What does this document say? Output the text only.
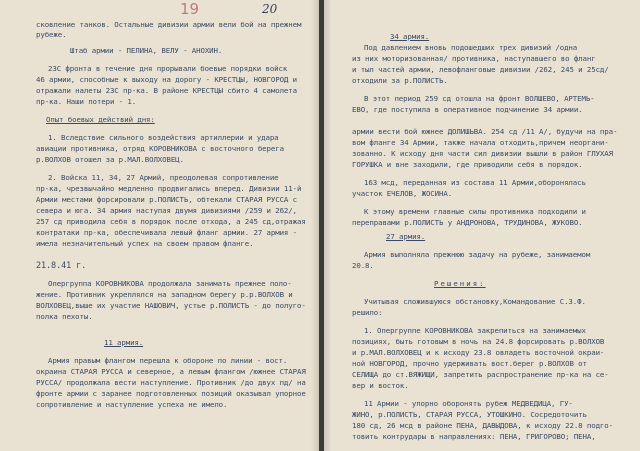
19	20
сковление танков. Остальные дивизии армии вели бой на прежнем
рубеже.
Штаб армии - ПЕЛИНА, ВЕЛУ - АНОХИН.
23С фронта в течение дня прорывали боевые порядки войск
46 армии, способные к выходу на дорогу - КРЕСТЦЫ, НОВГОРОД и
отражали налеты 23С пр-ка. В районе КРЕСТЦЫ сбито 4 самолета
пр-ка. Наши потери - 1.
Опыт боевых действий дня:
1. Вследствие сильного воздействия артиллерии и удара
авиации противника, отряд КОРОВНИКОВА с восточного берега
р.ВОЛХОВ отошел за р.МАЛ.ВОЛХОВЕЦ.
2. Войска 11, 34, 27 Армий, преодолевая сопротивление
пр-ка, чрезвычайно медленно продвигались вперед. Дивизии 11-й
Армии местами форсировали р.ПОЛИСТЬ, обтекали СТАРАЯ РУССА с
севера и юга. 34 армия наступая двумя дивизиями /259 и 262/,
257 сд приводила себя в порядок после отхода, а 245 сд,отражая
контратаки пр-ка, обеспечивала левый фланг армии. 27 армия -
имела незначительный успех на своем правом фланге.
21.8.41 г.
Опергруппа КОРОВНИКОВА продолжала занимать прежнее поло-
жение. Противник укреплялся на западном берегу р.р.ВОЛХОВ и
ВОЛХОВЕЦ,выше их участие НАШОВИЧ, устье р.ПОЛИСТЬ - до полуго-
полка пехоты.
11 армия.
Армия правым флангом перешла к обороне по линии - вост.
окраина СТАРАЯ РУССА и северное, а левым флангом /южнее СТАРАЯ
РУССА/ продолжала вести наступление. Противник /до двух пд/ на
фронте армии с заранее подготовленных позиций оказывал упорное
сопротивление и наступление успеха не имело.
34 армия.
Под давлением вновь подошедших трех дивизий /одна
из них моторизованная/ противника, наступавшего во фланг
и тыл частей армии, левофланговые дивизии /262, 245 и 25сд/
отходили за р.ПОЛИСТЬ.
В этот период 259 сд отошла на фронт ВОЛШЕВО, АРТЕМЬ-
ЕВО, где поступила в оперативное подчинение 34 армии.
армии вести бой южнее ДОЛИШЬВА. 254 сд /11 А/, будучи на пра-
вом фланге 34 Армии, также начала отходить,причем неоргани-
зованно. К исходу дня части сил дивизии вышли в район ГЛУХАЯ
ГОРУШКА и вне заходили, где приводили себя в порядок.
163 мсд, переданная из состава 11 Армии,оборонялась
участок ЕЧЕЛОВ, ЖОСИНА.
К этому времени главные силы противника подходили и
переправами р.ПОЛИСТЬ у АНДРОНОВА, ТРУДИНОВА, ЖУКОВО.
27 армия.
Армия выполняла прежнюю задачу на рубеже, занимаемом
20.8.
Решения:
Учитывая сложившуюся обстановку,Командование С.З.Ф.
решило:
1. Опергруппе КОРОВНИКОВА закрепиться на занимаемых
позициях, быть готовым в ночь на 24.8 форсировать р.ВОЛХОВ
и р.МАЛ.ВОЛХОВЕЦ и к исходу 23.8 овладеть восточной окраи-
ной НОВГОРОД, прочно удерживать вост.берег р.ВОЛХОВ от
СЕЛИЩА до ст.ВЯЖИЩИ, запретить распространение пр-ка на се-
вер и восток.
11 Армии - упорно оборонять рубеж МЕДВЕДИЦА, ГУ-
ЖИНО, р.ПОЛИСТЬ, СТАРАЯ РУССА, УТОШКИНО. Сосредоточить
180 сд, 26 мсд в районе ПЕНА, ДАВЫДОВА, к исходу 22.8 подго-
товить контрудары в направлениях: ПЕНА, ГРИГОРОВО; ПЕНА,
